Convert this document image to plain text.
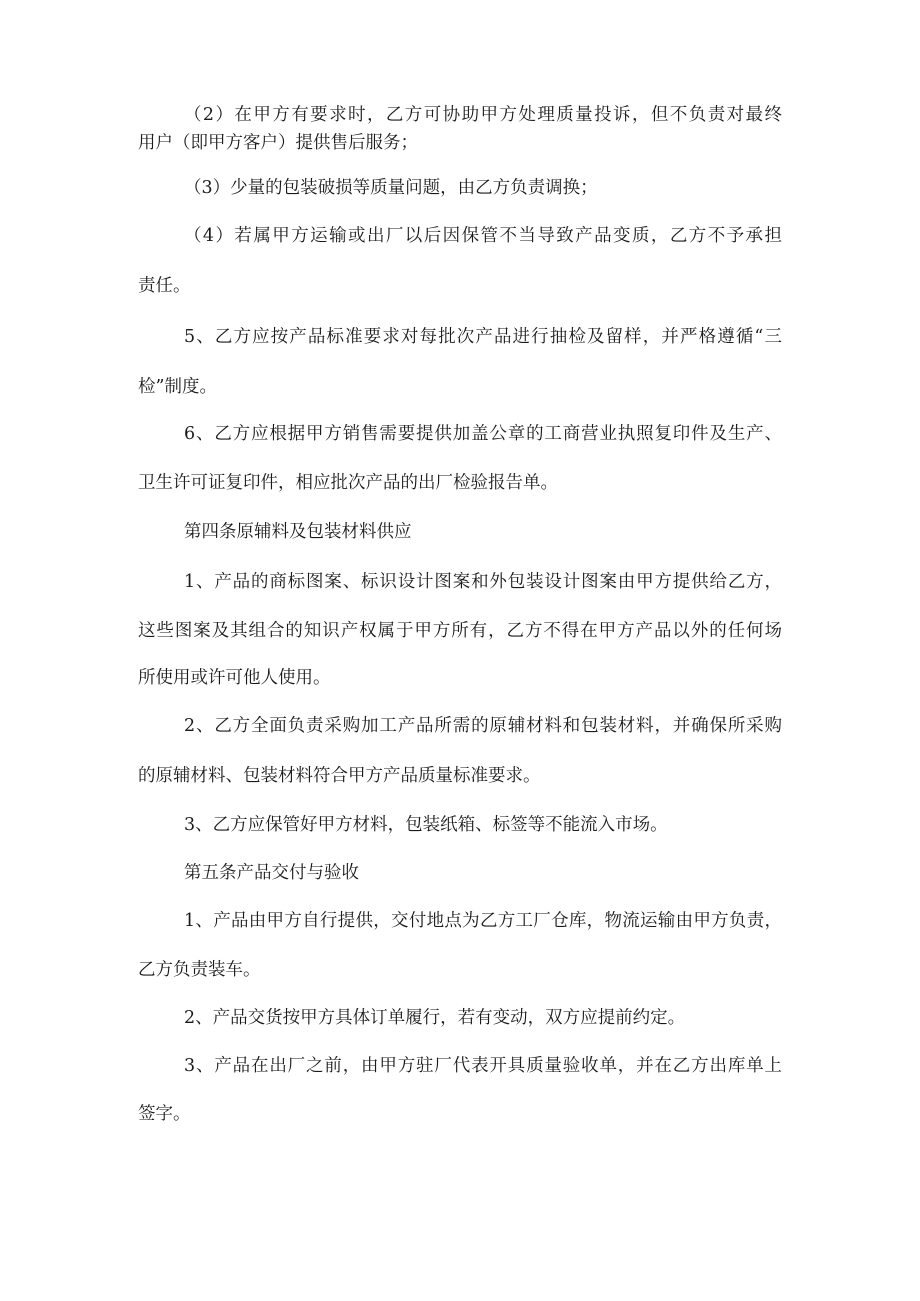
（2）在甲方有要求时，乙方可协助甲方处理质量投诉，但不负责对最终
用户（即甲方客户）提供售后服务；
（3）少量的包装破损等质量问题，由乙方负责调换；
（4）若属甲方运输或出厂以后因保管不当导致产品变质，乙方不予承担
责任。
5、乙方应按产品标准要求对每批次产品进行抽检及留样，并严格遵循“三
检”制度。
6、乙方应根据甲方销售需要提供加盖公章的工商营业执照复印件及生产、
卫生许可证复印件，相应批次产品的出厂检验报告单。
第四条原辅料及包装材料供应
1、产品的商标图案、标识设计图案和外包装设计图案由甲方提供给乙方，
这些图案及其组合的知识产权属于甲方所有，乙方不得在甲方产品以外的任何场
所使用或许可他人使用。
2、乙方全面负责采购加工产品所需的原辅材料和包装材料，并确保所采购
的原辅材料、包装材料符合甲方产品质量标准要求。
3、乙方应保管好甲方材料，包装纸箱、标签等不能流入市场。
第五条产品交付与验收
1、产品由甲方自行提供，交付地点为乙方工厂仓库，物流运输由甲方负责，
乙方负责装车。
2、产品交货按甲方具体订单履行，若有变动，双方应提前约定。
3、产品在出厂之前，由甲方驻厂代表开具质量验收单，并在乙方出库单上
签字。
